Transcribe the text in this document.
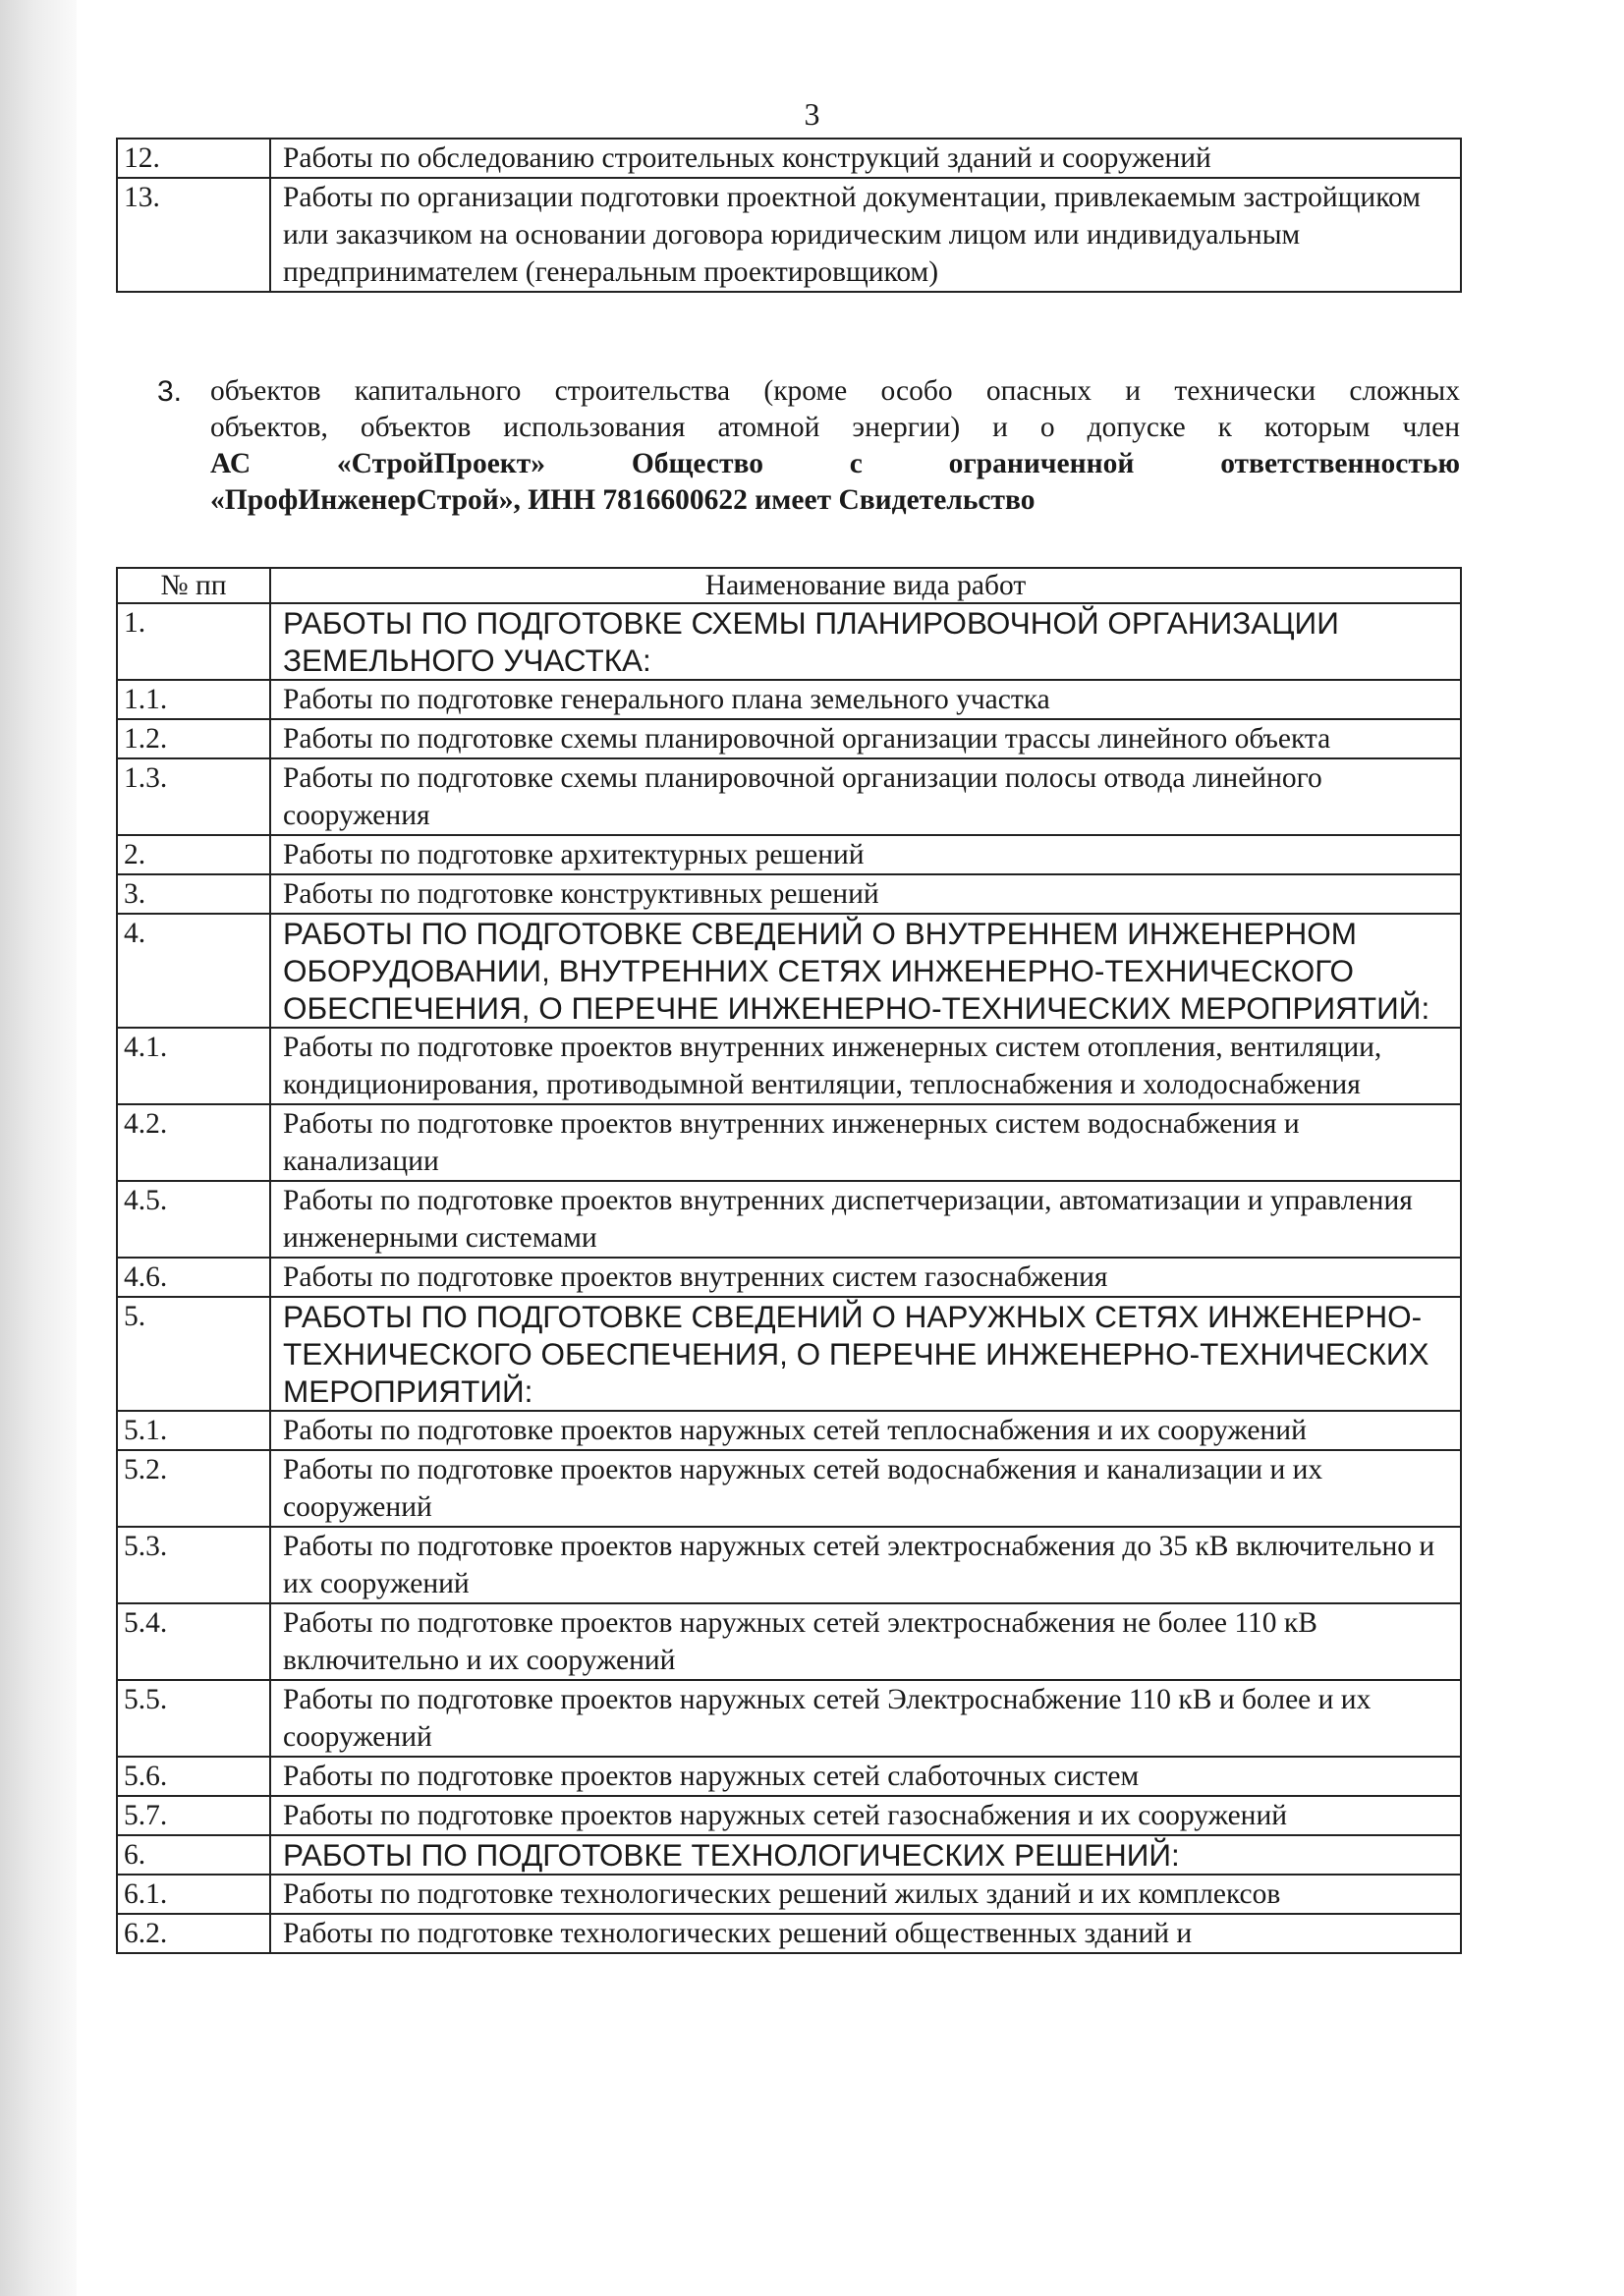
3
12.	Работы по обследованию строительных конструкций зданий и сооружений
13.	Работы по организации подготовки проектной документации, привлекаемым застройщиком или заказчиком на основании договора юридическим лицом или индивидуальным предпринимателем (генеральным проектировщиком)
3. объектов капитального строительства (кроме особо опасных и технически сложных

объектов, объектов использования атомной энергии) и о допуске к которым член

АС «СтройПроект» Общество с ограниченной ответственностью

«ПрофИнженерСтрой», ИНН 7816600622 имеет Свидетельство

№ пп	Наименование вида работ
1.	РАБОТЫ ПО ПОДГОТОВКЕ СХЕМЫ ПЛАНИРОВОЧНОЙ ОРГАНИЗАЦИИ ЗЕМЕЛЬНОГО УЧАСТКА:
1.1.	Работы по подготовке генерального плана земельного участка
1.2.	Работы по подготовке схемы планировочной организации трассы линейного объекта
1.3.	Работы по подготовке схемы планировочной организации полосы отвода линейного сооружения
2.	Работы по подготовке архитектурных решений
3.	Работы по подготовке конструктивных решений
4.	РАБОТЫ ПО ПОДГОТОВКЕ СВЕДЕНИЙ О ВНУТРЕННЕМ ИНЖЕНЕРНОМ ОБОРУДОВАНИИ, ВНУТРЕННИХ СЕТЯХ ИНЖЕНЕРНО-ТЕХНИЧЕСКОГО ОБЕСПЕЧЕНИЯ, О ПЕРЕЧНЕ ИНЖЕНЕРНО-ТЕХНИЧЕСКИХ МЕРОПРИЯТИЙ:
4.1.	Работы по подготовке проектов внутренних инженерных систем отопления, вентиляции, кондиционирования, противодымной вентиляции, теплоснабжения и холодоснабжения
4.2.	Работы по подготовке проектов внутренних инженерных систем водоснабжения и канализации
4.5.	Работы по подготовке проектов внутренних диспетчеризации, автоматизации и управления инженерными системами
4.6.	Работы по подготовке проектов внутренних систем газоснабжения
5.	РАБОТЫ ПО ПОДГОТОВКЕ СВЕДЕНИЙ О НАРУЖНЫХ СЕТЯХ ИНЖЕНЕРНО-ТЕХНИЧЕСКОГО ОБЕСПЕЧЕНИЯ, О ПЕРЕЧНЕ ИНЖЕНЕРНО-ТЕХНИЧЕСКИХ МЕРОПРИЯТИЙ:
5.1.	Работы по подготовке проектов наружных сетей теплоснабжения и их сооружений
5.2.	Работы по подготовке проектов наружных сетей водоснабжения и канализации и их сооружений
5.3.	Работы по подготовке проектов наружных сетей электроснабжения до 35 кВ включительно и их сооружений
5.4.	Работы по подготовке проектов наружных сетей электроснабжения не более 110 кВ включительно и их сооружений
5.5.	Работы по подготовке проектов наружных сетей Электроснабжение 110 кВ и более и их сооружений
5.6.	Работы по подготовке проектов наружных сетей слаботочных систем
5.7.	Работы по подготовке проектов наружных сетей газоснабжения и их сооружений
6.	РАБОТЫ ПО ПОДГОТОВКЕ ТЕХНОЛОГИЧЕСКИХ РЕШЕНИЙ:
6.1.	Работы по подготовке технологических решений жилых зданий и их комплексов
6.2.	Работы по подготовке технологических решений общественных зданий и
